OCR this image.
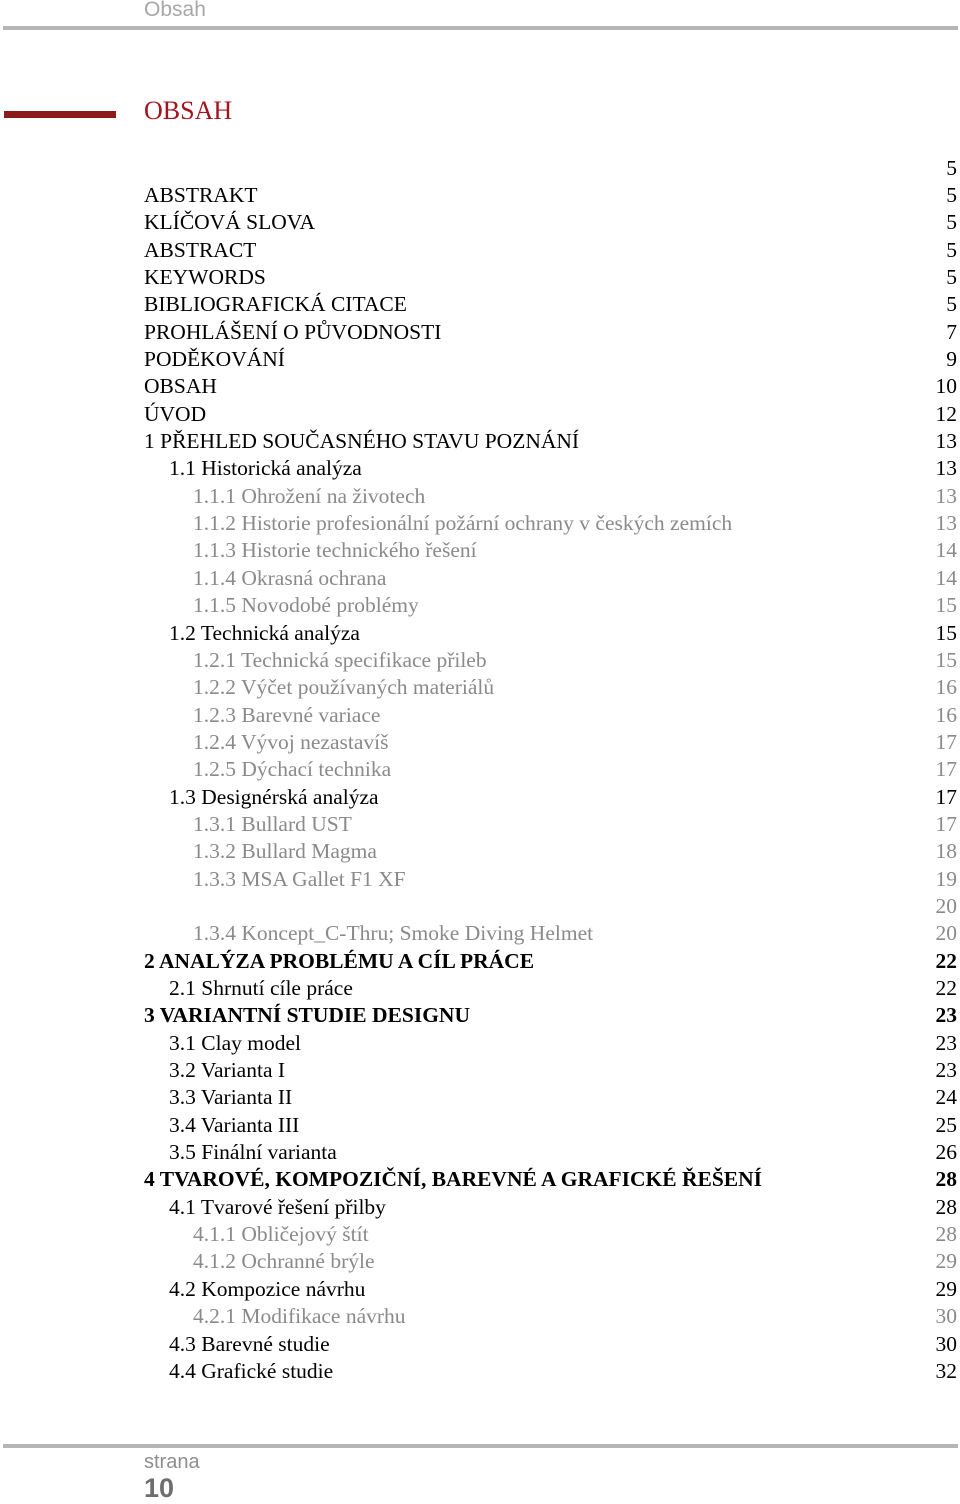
Obsah
OBSAH
5
ABSTRAKT	5
KLÍČOVÁ SLOVA	5
ABSTRACT	5
KEYWORDS	5
BIBLIOGRAFICKÁ CITACE	5
PROHLÁŠENÍ O PŮVODNOSTI	7
PODĚKOVÁNÍ	9
OBSAH	10
ÚVOD	12
1 PŘEHLED SOUČASNÉHO STAVU POZNÁNÍ	13
1.1 Historická analýza	13
1.1.1 Ohrožení na životech	13
1.1.2 Historie profesionální požární ochrany v českých zemích	13
1.1.3 Historie technického řešení	14
1.1.4 Okrasná ochrana	14
1.1.5 Novodobé problémy	15
1.2 Technická analýza	15
1.2.1 Technická specifikace přileb	15
1.2.2 Výčet používaných materiálů	16
1.2.3 Barevné variace	16
1.2.4 Vývoj nezastavíš	17
1.2.5 Dýchací technika	17
1.3 Designérská analýza	17
1.3.1 Bullard UST	17
1.3.2 Bullard Magma	18
1.3.3 MSA Gallet F1 XF	19
20
1.3.4 Koncept_C-Thru; Smoke Diving Helmet	20
2 ANALÝZA PROBLÉMU A CÍL PRÁCE	22
2.1 Shrnutí cíle práce	22
3 VARIANTNÍ STUDIE DESIGNU	23
3.1 Clay model	23
3.2 Varianta I	23
3.3 Varianta II	24
3.4 Varianta III	25
3.5 Finální varianta	26
4 TVAROVÉ, KOMPOZIČNÍ, BAREVNÉ A GRAFICKÉ ŘEŠENÍ	28
4.1 Tvarové řešení přilby	28
4.1.1 Obličejový štít	28
4.1.2 Ochranné brýle	29
4.2 Kompozice návrhu	29
4.2.1 Modifikace návrhu	30
4.3 Barevné studie	30
4.4 Grafické studie	32
strana
10
